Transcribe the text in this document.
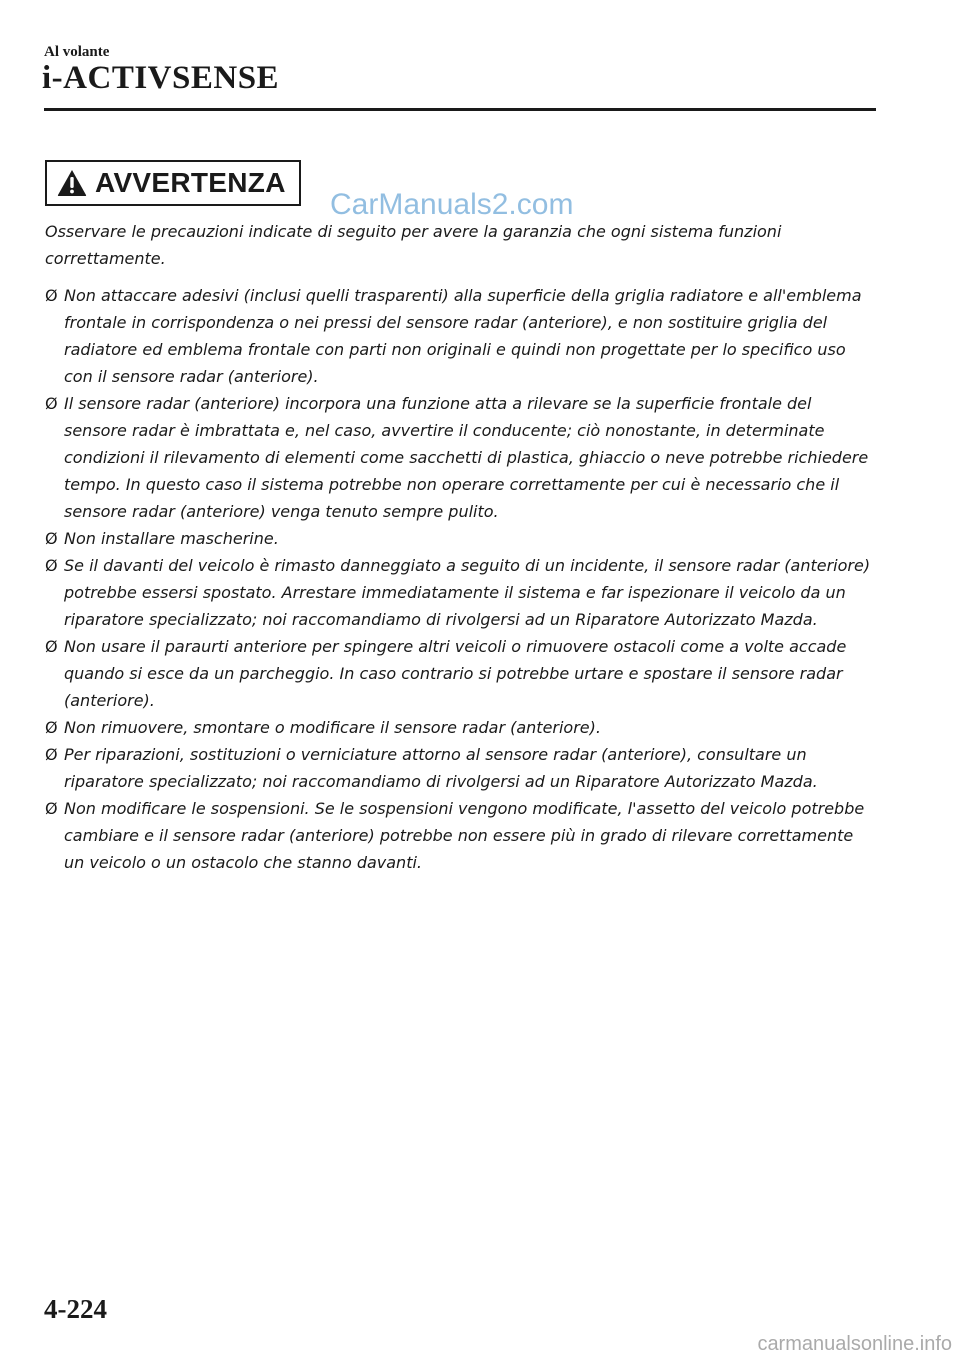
Al volante
i-ACTIVSENSE
AVVERTENZA
CarManuals2.com

Osservare le precauzioni indicate di seguito per avere la garanzia che ogni sistema funzioni correttamente.

Ø Non attaccare adesivi (inclusi quelli trasparenti) alla superficie della griglia radiatore e all'emblema frontale in corrispondenza o nei pressi del sensore radar (anteriore), e non sostituire griglia del radiatore ed emblema frontale con parti non originali e quindi non progettate per lo specifico uso con il sensore radar (anteriore).
Ø Il sensore radar (anteriore) incorpora una funzione atta a rilevare se la superficie frontale del sensore radar è imbrattata e, nel caso, avvertire il conducente; ciò nonostante, in determinate condizioni il rilevamento di elementi come sacchetti di plastica, ghiaccio o neve potrebbe richiedere tempo. In questo caso il sistema potrebbe non operare correttamente per cui è necessario che il sensore radar (anteriore) venga tenuto sempre pulito.
Ø Non installare mascherine.
Ø Se il davanti del veicolo è rimasto danneggiato a seguito di un incidente, il sensore radar (anteriore) potrebbe essersi spostato. Arrestare immediatamente il sistema e far ispezionare il veicolo da un riparatore specializzato; noi raccomandiamo di rivolgersi ad un Riparatore Autorizzato Mazda.
Ø Non usare il paraurti anteriore per spingere altri veicoli o rimuovere ostacoli come a volte accade quando si esce da un parcheggio. In caso contrario si potrebbe urtare e spostare il sensore radar (anteriore).
Ø Non rimuovere, smontare o modificare il sensore radar (anteriore).
Ø Per riparazioni, sostituzioni o verniciature attorno al sensore radar (anteriore), consultare un riparatore specializzato; noi raccomandiamo di rivolgersi ad un Riparatore Autorizzato Mazda.
Ø Non modificare le sospensioni. Se le sospensioni vengono modificate, l'assetto del veicolo potrebbe cambiare e il sensore radar (anteriore) potrebbe non essere più in grado di rilevare correttamente un veicolo o un ostacolo che stanno davanti.
4-224
carmanualsonline.info
